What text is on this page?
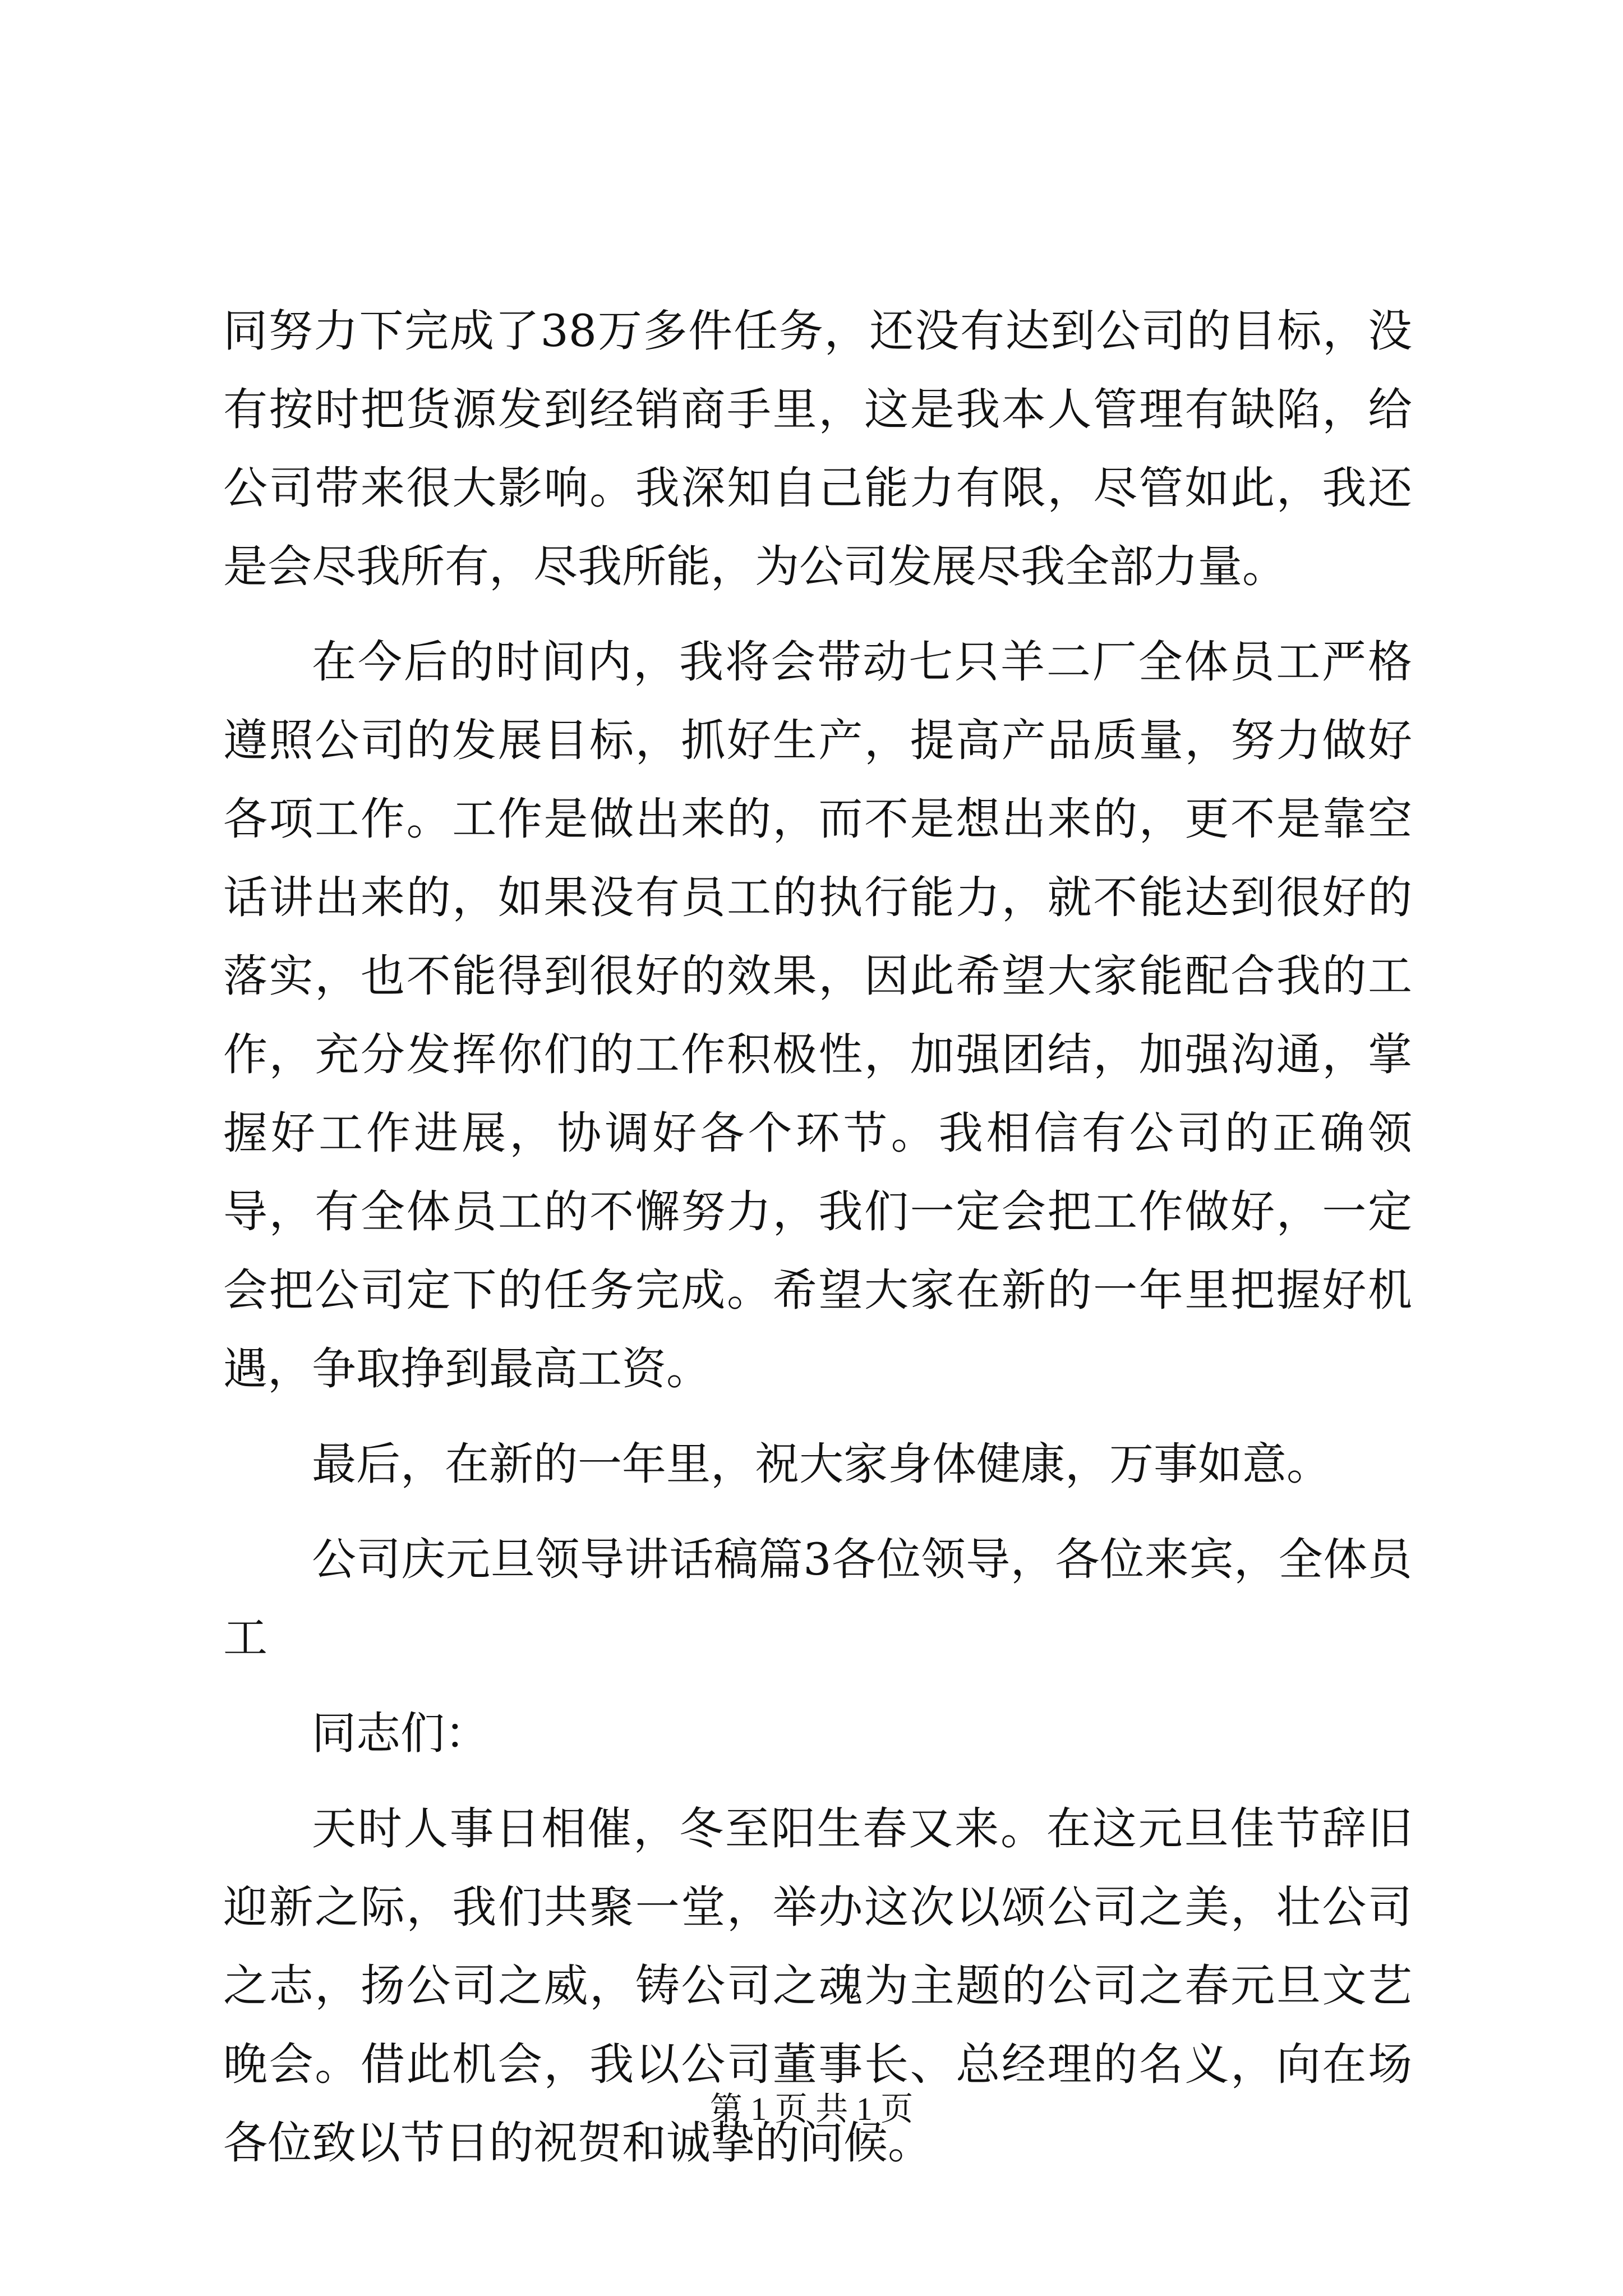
同努力下完成了38万多件任务，还没有达到公司的目标，没有按时把货源发到经销商手里，这是我本人管理有缺陷，给公司带来很大影响。我深知自己能力有限，尽管如此，我还是会尽我所有，尽我所能，为公司发展尽我全部力量。

在今后的时间内，我将会带动七只羊二厂全体员工严格遵照公司的发展目标，抓好生产，提高产品质量，努力做好各项工作。工作是做出来的，而不是想出来的，更不是靠空话讲出来的，如果没有员工的执行能力，就不能达到很好的落实，也不能得到很好的效果，因此希望大家能配合我的工作，充分发挥你们的工作积极性，加强团结，加强沟通，掌握好工作进展，协调好各个环节。我相信有公司的正确领导，有全体员工的不懈努力，我们一定会把工作做好，一定会把公司定下的任务完成。希望大家在新的一年里把握好机遇，争取挣到最高工资。

最后，在新的一年里，祝大家身体健康，万事如意。

公司庆元旦领导讲话稿篇3各位领导，各位来宾，全体员工

同志们：

天时人事日相催，冬至阳生春又来。在这元旦佳节辞旧迎新之际，我们共聚一堂，举办这次以颂公司之美，壮公司之志，扬公司之威，铸公司之魂为主题的公司之春元旦文艺晚会。借此机会，我以公司董事长、总经理的名义，向在场各位致以节日的祝贺和诚挚的问候。

第 1 页 共 1 页
